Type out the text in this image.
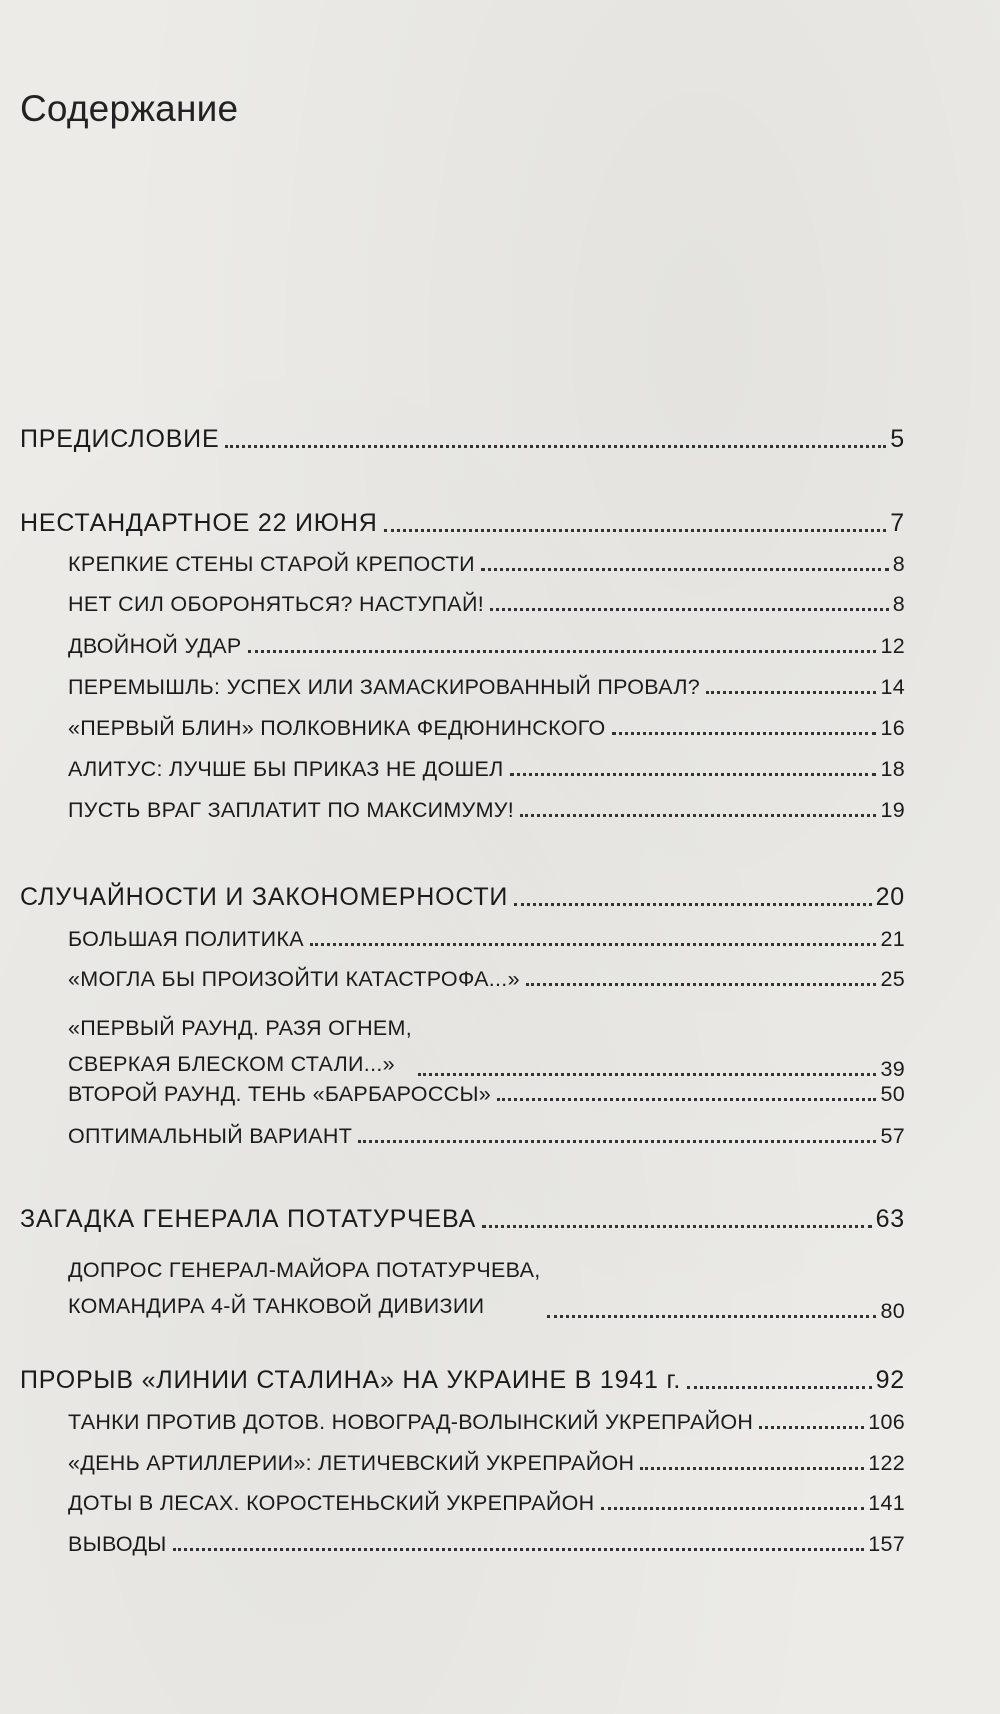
Содержание
ПРЕДИСЛОВИЕ	5
НЕСТАНДАРТНОЕ 22 ИЮНЯ	7
КРЕПКИЕ СТЕНЫ СТАРОЙ КРЕПОСТИ	8
НЕТ СИЛ ОБОРОНЯТЬСЯ? НАСТУПАЙ!	8
ДВОЙНОЙ УДАР	12
ПЕРЕМЫШЛЬ: УСПЕХ ИЛИ ЗАМАСКИРОВАННЫЙ ПРОВАЛ?	14
«ПЕРВЫЙ БЛИН» ПОЛКОВНИКА ФЕДЮНИНСКОГО	16
АЛИТУС: ЛУЧШЕ БЫ ПРИКАЗ НЕ ДОШЕЛ	18
ПУСТЬ ВРАГ ЗАПЛАТИТ ПО МАКСИМУМУ!	19
СЛУЧАЙНОСТИ И ЗАКОНОМЕРНОСТИ	20
БОЛЬШАЯ ПОЛИТИКА	21
«МОГЛА БЫ ПРОИЗОЙТИ КАТАСТРОФА...»	25
«ПЕРВЫЙ РАУНД. РАЗЯ ОГНЕМ,
СВЕРКАЯ БЛЕСКОМ СТАЛИ...»	39
ВТОРОЙ РАУНД. ТЕНЬ «БАРБАРОССЫ»	50
ОПТИМАЛЬНЫЙ ВАРИАНТ	57
ЗАГАДКА ГЕНЕРАЛА ПОТАТУРЧЕВА	63
ДОПРОС ГЕНЕРАЛ-МАЙОРА ПОТАТУРЧЕВА,
КОМАНДИРА 4-Й ТАНКОВОЙ ДИВИЗИИ	80
ПРОРЫВ «ЛИНИИ СТАЛИНА» НА УКРАИНЕ В 1941 г.	92
ТАНКИ ПРОТИВ ДОТОВ. НОВОГРАД-ВОЛЫНСКИЙ УКРЕПРАЙОН	106
«ДЕНЬ АРТИЛЛЕРИИ»: ЛЕТИЧЕВСКИЙ УКРЕПРАЙОН	122
ДОТЫ В ЛЕСАХ. КОРОСТЕНЬСКИЙ УКРЕПРАЙОН	141
ВЫВОДЫ	157
